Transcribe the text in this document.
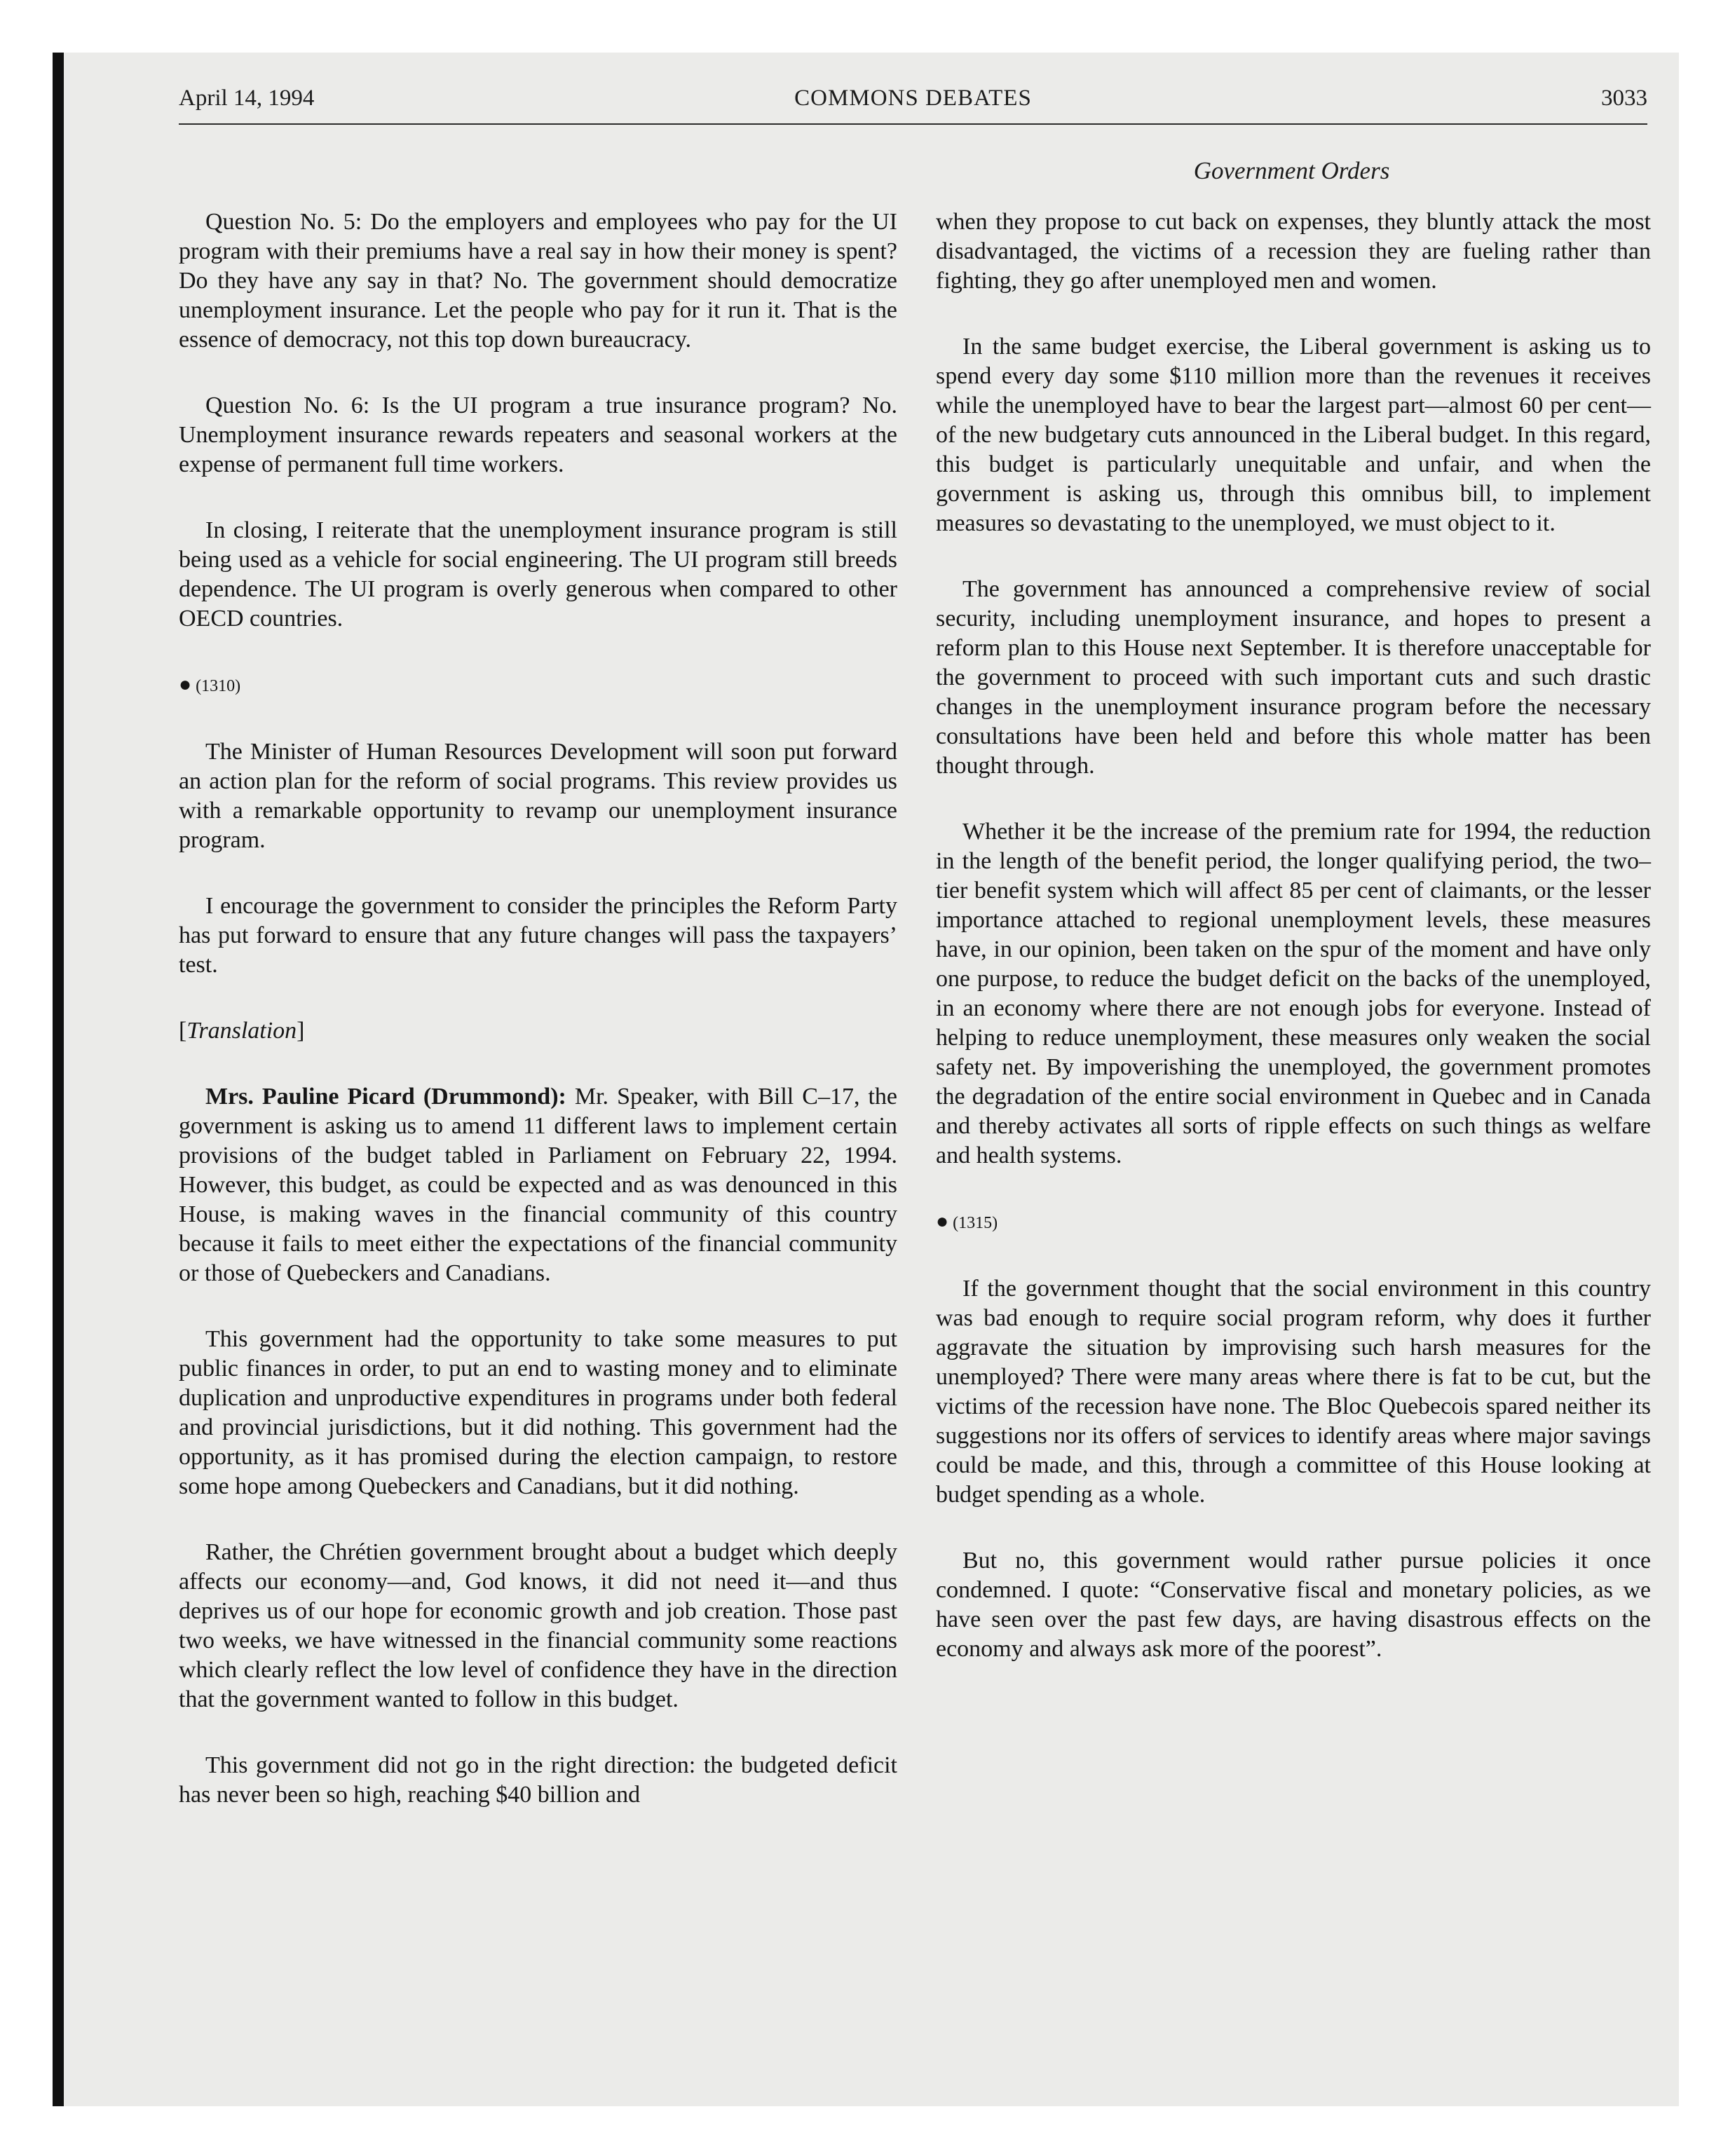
April 14, 1994	COMMONS DEBATES	3033
Government Orders

Question No. 5: Do the employers and employees who pay for the UI program with their premiums have a real say in how their money is spent? Do they have any say in that? No. The government should democratize unemployment insurance. Let the people who pay for it run it. That is the essence of democracy, not this top down bureaucracy.

Question No. 6: Is the UI program a true insurance program? No. Unemployment insurance rewards repeaters and seasonal workers at the expense of permanent full time workers.

In closing, I reiterate that the unemployment insurance program is still being used as a vehicle for social engineering. The UI program still breeds dependence. The UI program is overly generous when compared to other OECD countries.

● (1310)

The Minister of Human Resources Development will soon put forward an action plan for the reform of social programs. This review provides us with a remarkable opportunity to revamp our unemployment insurance program.

I encourage the government to consider the principles the Reform Party has put forward to ensure that any future changes will pass the taxpayers’ test.

[Translation]

Mrs. Pauline Picard (Drummond): Mr. Speaker, with Bill C–17, the government is asking us to amend 11 different laws to implement certain provisions of the budget tabled in Parliament on February 22, 1994. However, this budget, as could be expected and as was denounced in this House, is making waves in the financial community of this country because it fails to meet either the expectations of the financial community or those of Quebeckers and Canadians.

This government had the opportunity to take some measures to put public finances in order, to put an end to wasting money and to eliminate duplication and unproductive expenditures in programs under both federal and provincial jurisdictions, but it did nothing. This government had the opportunity, as it has promised during the election campaign, to restore some hope among Quebeckers and Canadians, but it did nothing.

Rather, the Chrétien government brought about a budget which deeply affects our economy—and, God knows, it did not need it—and thus deprives us of our hope for economic growth and job creation. Those past two weeks, we have witnessed in the financial community some reactions which clearly reflect the low level of confidence they have in the direction that the government wanted to follow in this budget.

This government did not go in the right direction: the budgeted deficit has never been so high, reaching $40 billion and

when they propose to cut back on expenses, they bluntly attack the most disadvantaged, the victims of a recession they are fueling rather than fighting, they go after unemployed men and women.

In the same budget exercise, the Liberal government is asking us to spend every day some $110 million more than the revenues it receives while the unemployed have to bear the largest part—almost 60 per cent—of the new budgetary cuts announced in the Liberal budget. In this regard, this budget is particularly unequitable and unfair, and when the government is asking us, through this omnibus bill, to implement measures so devastating to the unemployed, we must object to it.

The government has announced a comprehensive review of social security, including unemployment insurance, and hopes to present a reform plan to this House next September. It is therefore unacceptable for the government to proceed with such important cuts and such drastic changes in the unemployment insurance program before the necessary consultations have been held and before this whole matter has been thought through.

Whether it be the increase of the premium rate for 1994, the reduction in the length of the benefit period, the longer qualifying period, the two–tier benefit system which will affect 85 per cent of claimants, or the lesser importance attached to regional unemployment levels, these measures have, in our opinion, been taken on the spur of the moment and have only one purpose, to reduce the budget deficit on the backs of the unemployed, in an economy where there are not enough jobs for everyone. Instead of helping to reduce unemployment, these measures only weaken the social safety net. By impoverishing the unemployed, the government promotes the degradation of the entire social environment in Quebec and in Canada and thereby activates all sorts of ripple effects on such things as welfare and health systems.

● (1315)

If the government thought that the social environment in this country was bad enough to require social program reform, why does it further aggravate the situation by improvising such harsh measures for the unemployed? There were many areas where there is fat to be cut, but the victims of the recession have none. The Bloc Quebecois spared neither its suggestions nor its offers of services to identify areas where major savings could be made, and this, through a committee of this House looking at budget spending as a whole.

But no, this government would rather pursue policies it once condemned. I quote: “Conservative fiscal and monetary policies, as we have seen over the past few days, are having disastrous effects on the economy and always ask more of the poorest”.
